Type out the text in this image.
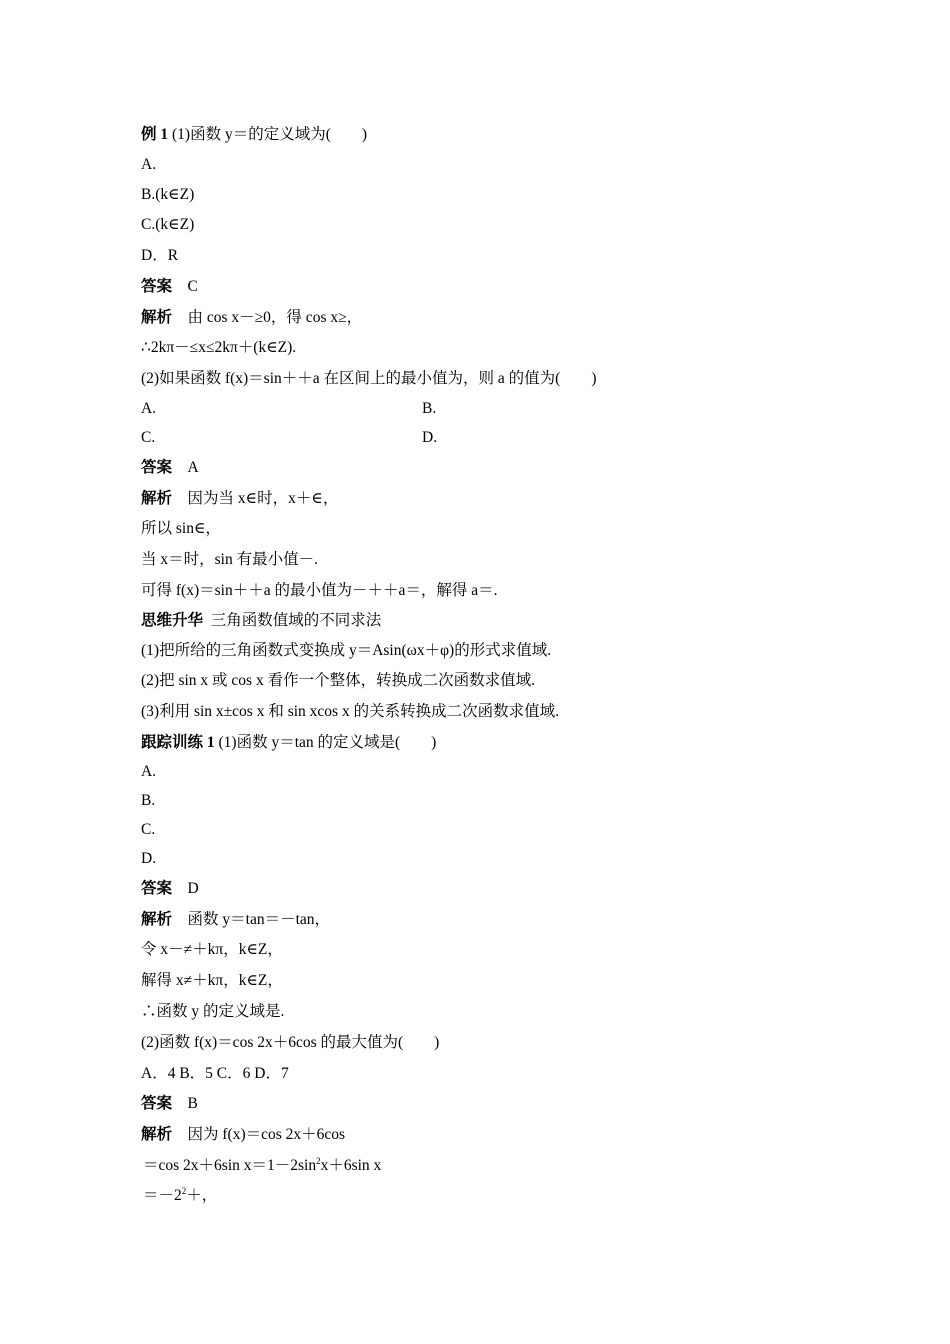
例 1 (1)函数 y＝的定义域为(　　)
A.
B.(k∈Z)
C.(k∈Z)
D．R
答案　C
解析　由 cos x－≥0，得 cos x≥，
∴2kπ－≤x≤2kπ＋(k∈Z).
(2)如果函数 f(x)＝sin＋＋a 在区间上的最小值为，则 a 的值为(　　)
A.	B.
C.	D.
答案　A
解析　因为当 x∈时，x＋∈，
所以 sin∈，
当 x＝时，sin 有最小值－.
可得 f(x)＝sin＋＋a 的最小值为－＋＋a＝，解得 a＝.
思维升华  三角函数值域的不同求法
(1)把所给的三角函数式变换成 y＝Asin(ωx＋φ)的形式求值域.
(2)把 sin x 或 cos x 看作一个整体，转换成二次函数求值域.
(3)利用 sin x±cos x 和 sin xcos x 的关系转换成二次函数求值域.
跟踪训练 1 (1)函数 y＝tan 的定义域是(　　)
A.
B.
C.
D.
答案　D
解析　函数 y＝tan＝－tan，
令 x－≠＋kπ，k∈Z，
解得 x≠＋kπ，k∈Z，
∴函数 y 的定义域是.
(2)函数 f(x)＝cos 2x＋6cos 的最大值为(　　)
A．4 B．5 C．6 D．7
答案　B
解析　因为 f(x)＝cos 2x＋6cos
＝cos 2x＋6sin $x=1-2\sin^2x+6\sin$ x
$=-2^2+$，
